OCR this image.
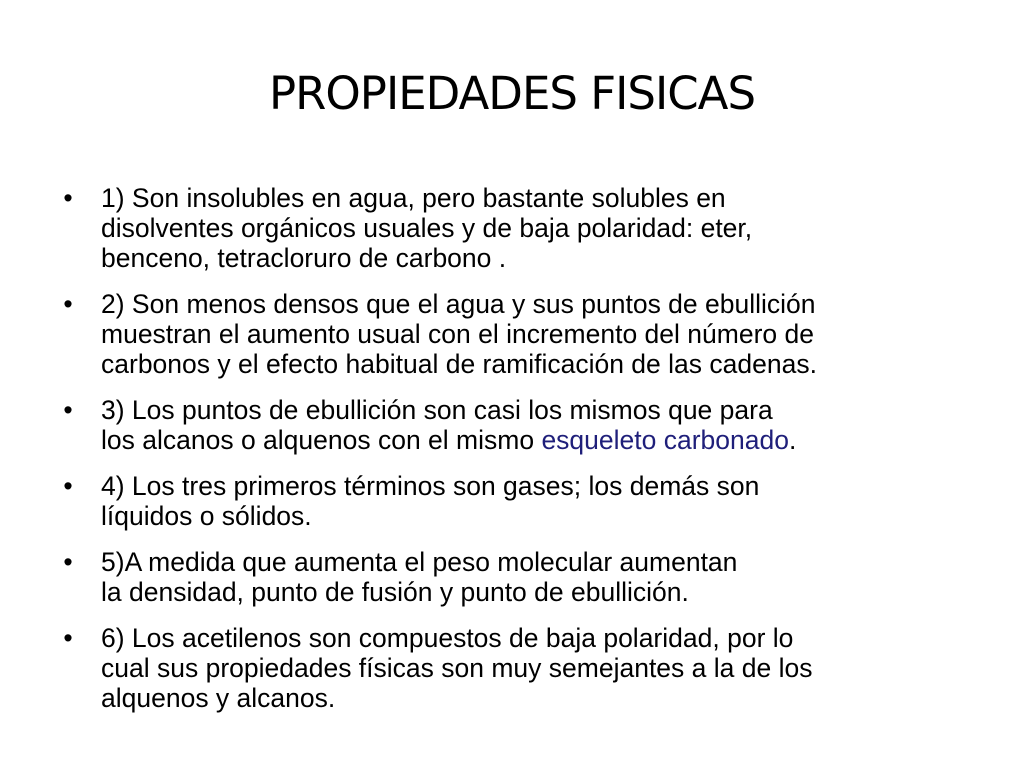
PROPIEDADES FISICAS
• 1) Son insolubles en agua, pero bastante solubles en
disolventes orgánicos usuales y de baja polaridad: eter,
benceno, tetracloruro de carbono .
• 2) Son menos densos que el agua y sus puntos de ebullición
muestran el aumento usual con el incremento del número de
carbonos y el efecto habitual de ramificación de las cadenas.
• 3) Los puntos de ebullición son casi los mismos que para
los alcanos o alquenos con el mismo esqueleto carbonado.
• 4) Los tres primeros términos son gases; los demás son
líquidos o sólidos.
• 5)A medida que aumenta el peso molecular aumentan
la densidad, punto de fusión y punto de ebullición.
• 6) Los acetilenos son compuestos de baja polaridad, por lo
cual sus propiedades físicas son muy semejantes a la de los
alquenos y alcanos.
